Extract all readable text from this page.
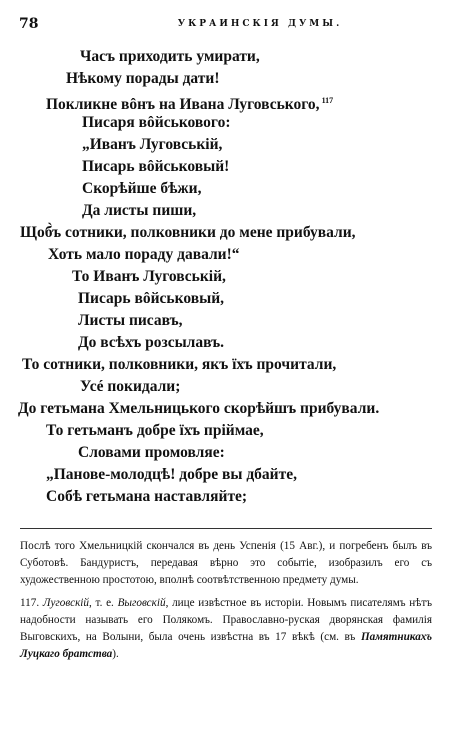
78	УКРАИНСКІЯ ДУМЫ.
Часъ приходить умирати,
Нѣкому порады дати!
Покликне вôнъ на Ивана Луговського, $^{117}$
Писаря вôйськового:
„Иванъ Луговській,
Писарь вôйськовый!
Скорѣйше бѣжи,
Да листы пиши,
Щоб̀ъ сотники, полковники до мене прибували,
Хоть мало пораду давали!“
То Иванъ Луговській,
Писарь вôйськовый,
Листы писавъ,
До всѣхъ розсылавъ.
То сотники, полковники, якъ ïхъ прочитали,
Усé покидали;
До гетьмана Хмельницького скорѣйшъ прибували.
То гетьманъ добре ïхъ прiймае,
Словами промовляе:
„Панове-молодцѣ! добре вы дбайте,
Собѣ гетьмана наставляйте;

Послѣ того Хмельницкій скончался въ день Успенія (15 Авг.), и погребенъ былъ въ Суботовѣ. Бандуристъ, передавая вѣрно это событіе, изобразилъ его съ художественною простотою, вполнѣ соотвѣтственною предмету думы.

117. Луговскій, т. е. Выговскій, лице извѣстное въ исторіи. Новымъ писателямъ нѣтъ надобности называть его Полякомъ. Православно-руская дворянская фамилія Выговскихъ, на Волыни, была очень извѣстна въ 17 вѣкѣ (см. въ Памятникахъ Луцкаго братства).
